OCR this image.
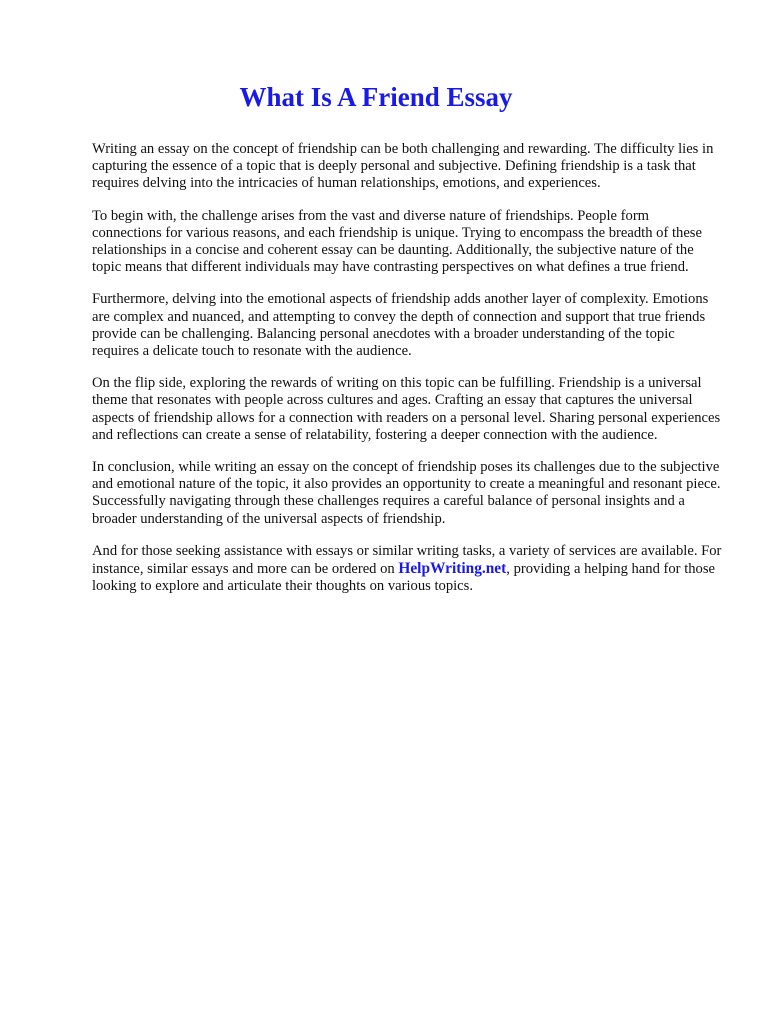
What Is A Friend Essay

Writing an essay on the concept of friendship can be both challenging and rewarding. The difficulty lies in capturing the essence of a topic that is deeply personal and subjective. Defining friendship is a task that requires delving into the intricacies of human relationships, emotions, and experiences.

To begin with, the challenge arises from the vast and diverse nature of friendships. People form connections for various reasons, and each friendship is unique. Trying to encompass the breadth of these relationships in a concise and coherent essay can be daunting. Additionally, the subjective nature of the topic means that different individuals may have contrasting perspectives on what defines a true friend.

Furthermore, delving into the emotional aspects of friendship adds another layer of complexity. Emotions are complex and nuanced, and attempting to convey the depth of connection and support that true friends provide can be challenging. Balancing personal anecdotes with a broader understanding of the topic requires a delicate touch to resonate with the audience.

On the flip side, exploring the rewards of writing on this topic can be fulfilling. Friendship is a universal theme that resonates with people across cultures and ages. Crafting an essay that captures the universal aspects of friendship allows for a connection with readers on a personal level. Sharing personal experiences and reflections can create a sense of relatability, fostering a deeper connection with the audience.

In conclusion, while writing an essay on the concept of friendship poses its challenges due to the subjective and emotional nature of the topic, it also provides an opportunity to create a meaningful and resonant piece. Successfully navigating through these challenges requires a careful balance of personal insights and a broader understanding of the universal aspects of friendship.

And for those seeking assistance with essays or similar writing tasks, a variety of services are available. For instance, similar essays and more can be ordered on HelpWriting.net, providing a helping hand for those looking to explore and articulate their thoughts on various topics.
